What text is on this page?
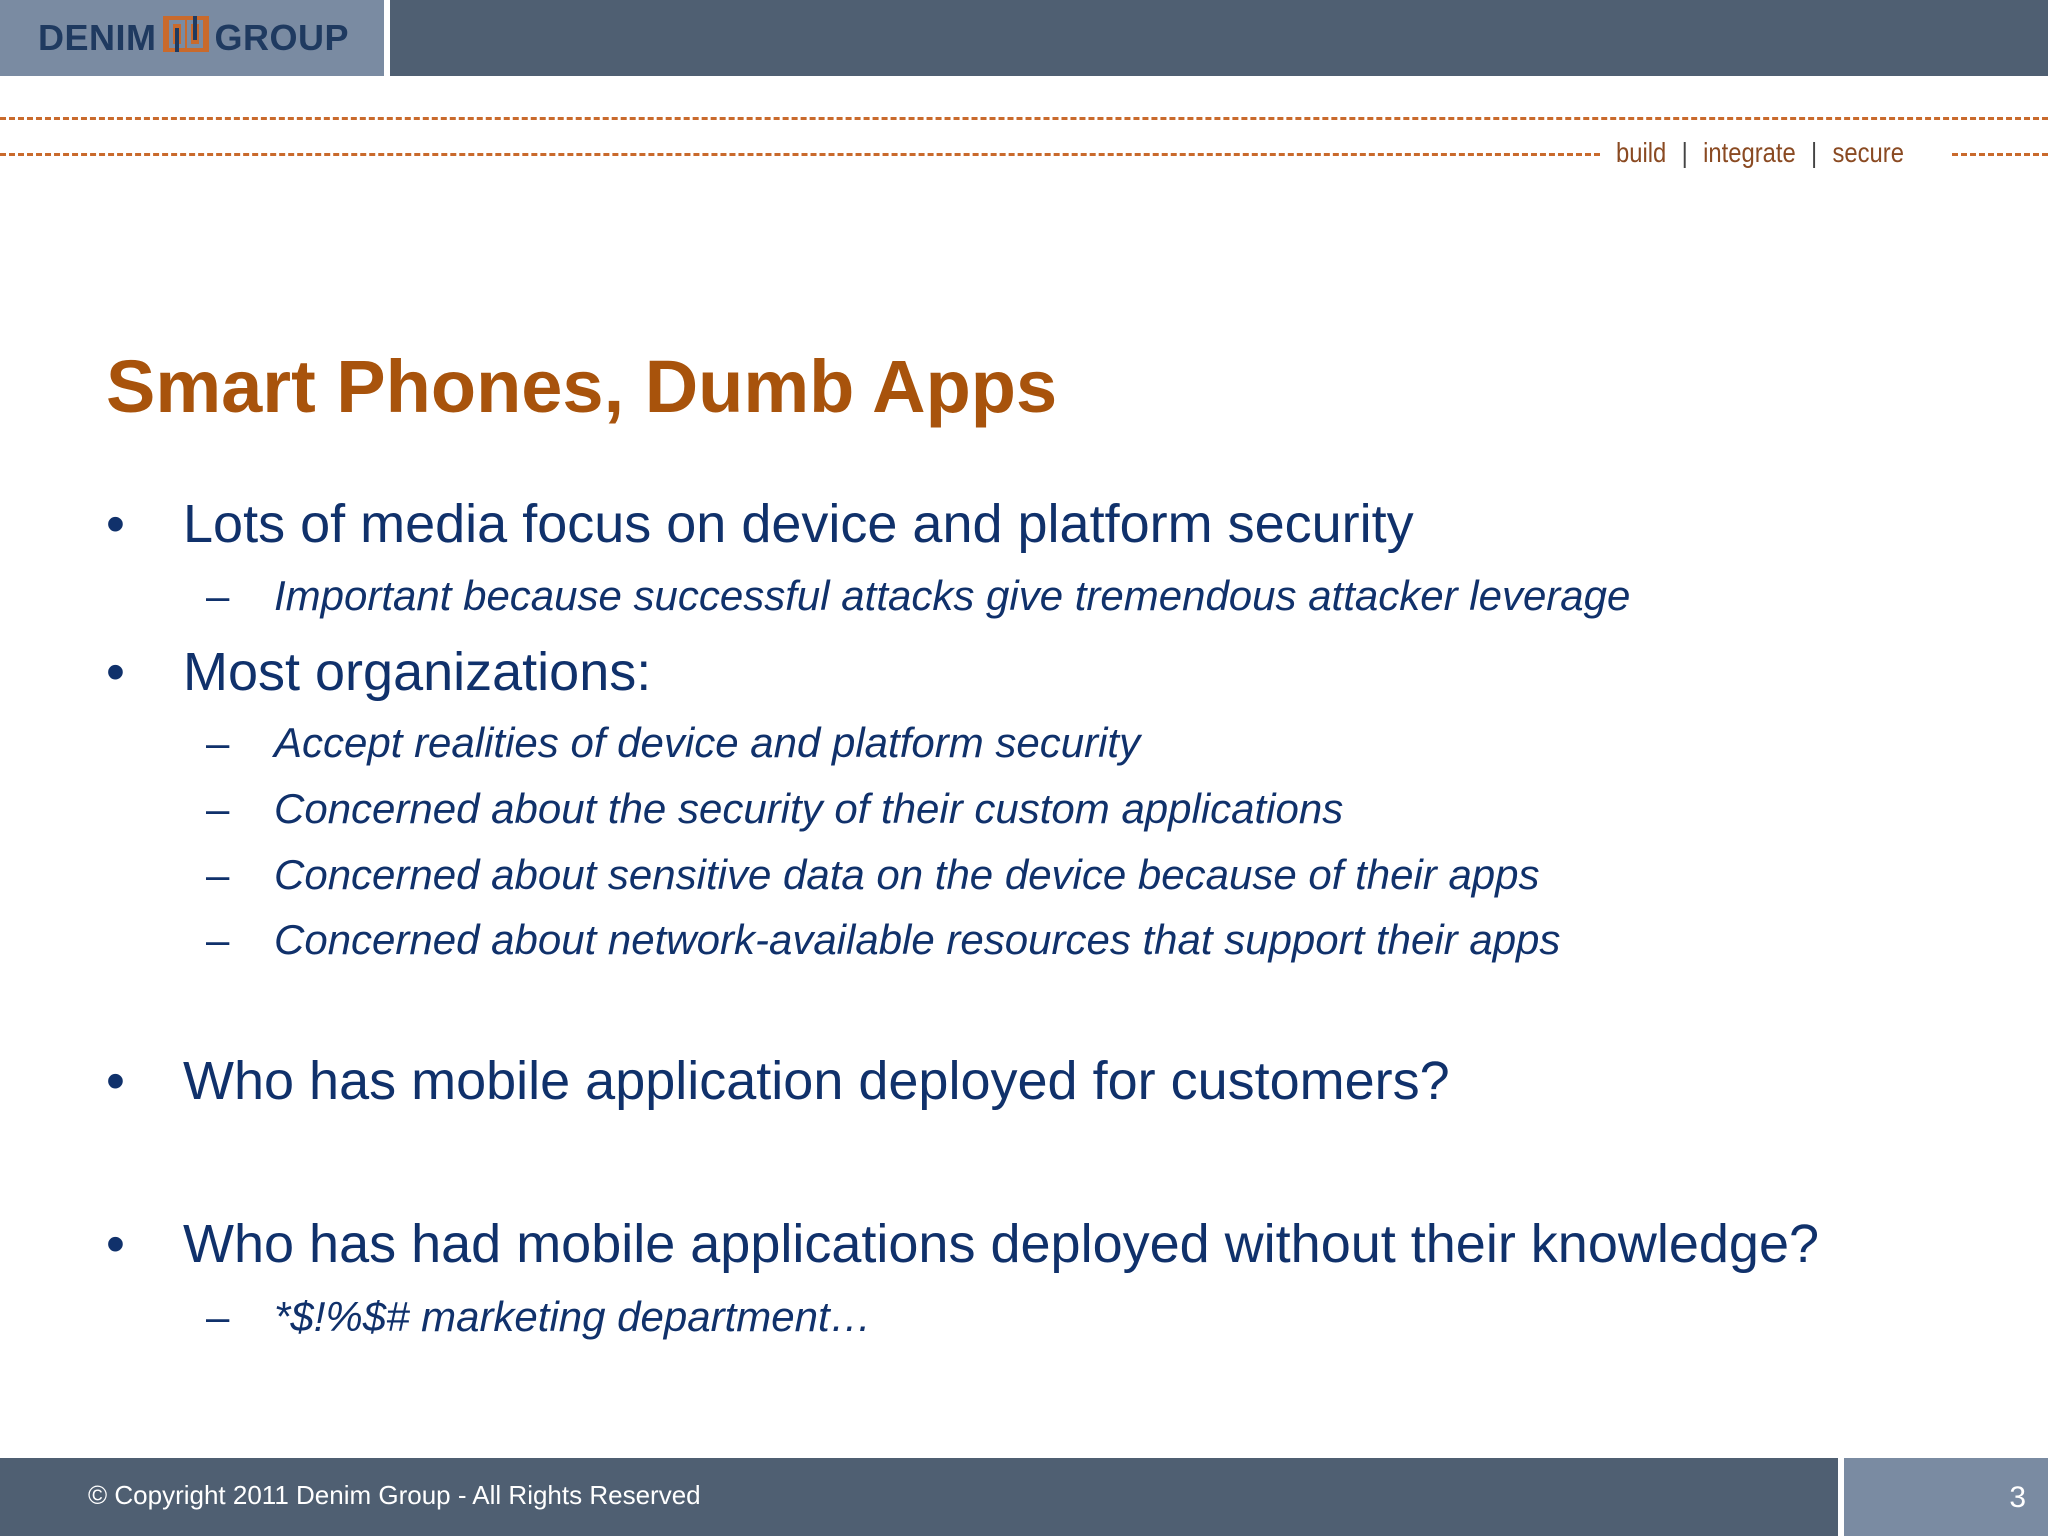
DENIM GROUP
build | integrate | secure
Smart Phones, Dumb Apps
•	Lots of media focus on device and platform security
– Important because successful attacks give tremendous attacker leverage
•	Most organizations:
– Accept realities of device and platform security
– Concerned about the security of their custom applications
– Concerned about sensitive data on the device because of their apps
– Concerned about network-available resources that support their apps
•	Who has mobile application deployed for customers?
•	Who has had mobile applications deployed without their knowledge?
– *$!%$# marketing department…
© Copyright 2011 Denim Group - All Rights Reserved	3
